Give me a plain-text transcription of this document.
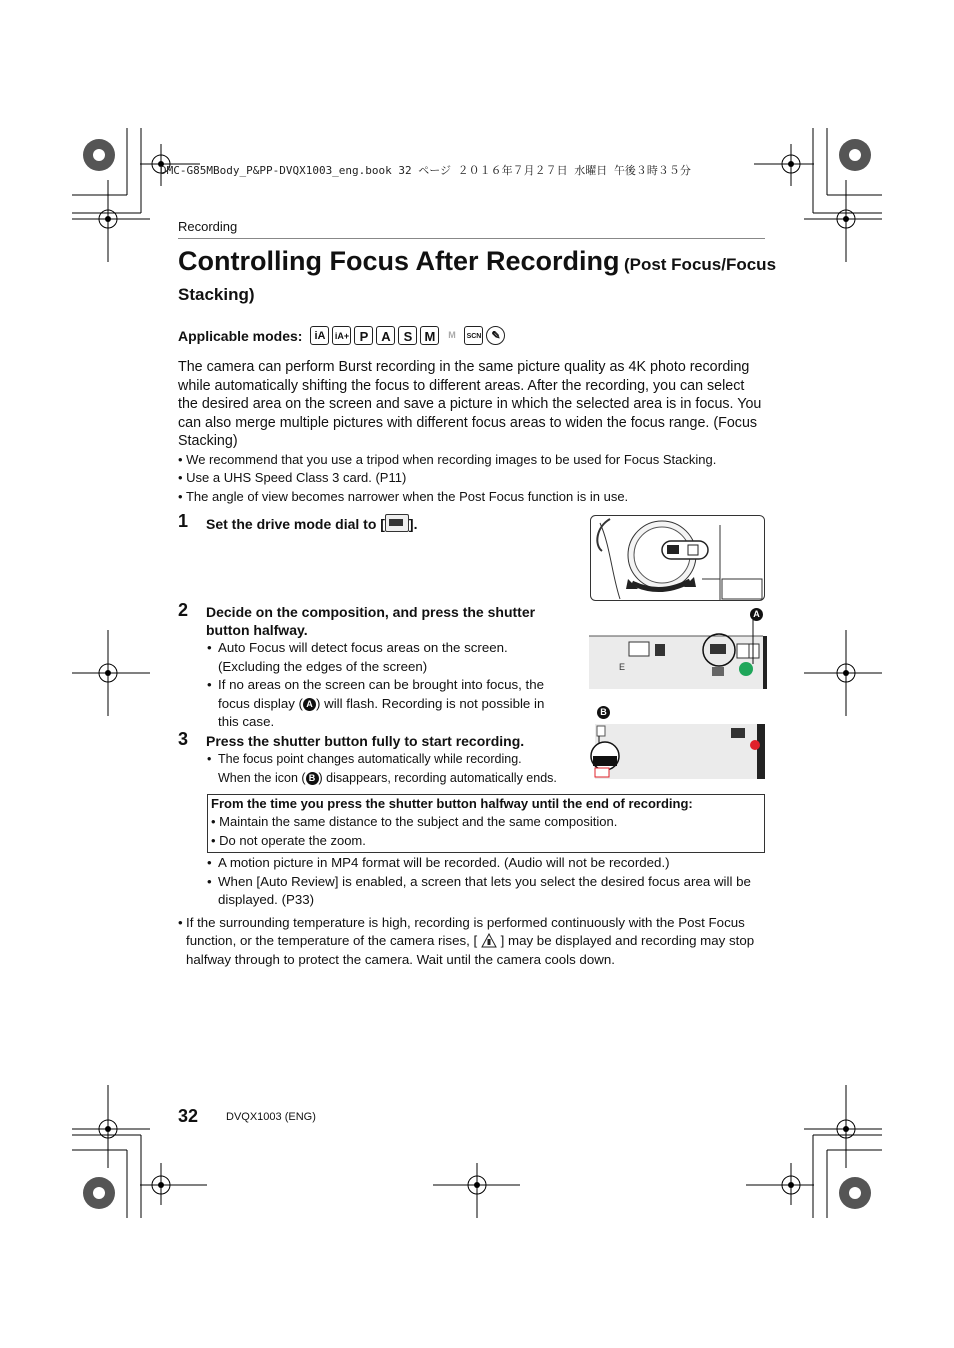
DMC-G85MBody_P&PP-DVQX1003_eng.book 32 ページ ２０１６年７月２７日 水曜日 午後３時３５分
Recording
Controlling Focus After Recording (Post Focus/Focus
Stacking)
Applicable modes:	iA	iA+ P A S M	M	SCN ✎
The camera can perform Burst recording in the same picture quality as 4K photo recording while automatically shifting the focus to different areas. After the recording, you can select the desired area on the screen and save a picture in which the selected area is in focus. You can also merge multiple pictures with different focus areas to widen the focus range. (Focus Stacking)
• We recommend that you use a tripod when recording images to be used for Focus Stacking.
• Use a UHS Speed Class 3 card. (P11)
• The angle of view becomes narrower when the Post Focus function is in use.
1 Set the drive mode dial to [ ].
2 Decide on the composition, and press the shutter
button halfway.
• Auto Focus will detect focus areas on the screen.
(Excluding the edges of the screen)
• If no areas on the screen can be brought into focus, the
focus display ( A ) will flash. Recording is not possible in
this case.
A
E
3 Press the shutter button fully to start recording.
• The focus point changes automatically while recording.
When the icon ( B ) disappears, recording automatically ends.
B
From the time you press the shutter button halfway until the end of recording:
• Maintain the same distance to the subject and the same composition.
• Do not operate the zoom.
• A motion picture in MP4 format will be recorded. (Audio will not be recorded.)
• When [Auto Review] is enabled, a screen that lets you select the desired focus area will be displayed. (P33)
• If the surrounding temperature is high, recording is performed continuously with the Post Focus function, or the temperature of the camera rises, [ ] may be displayed and recording may stop halfway through to protect the camera. Wait until the camera cools down.
32	DVQX1003 (ENG)
